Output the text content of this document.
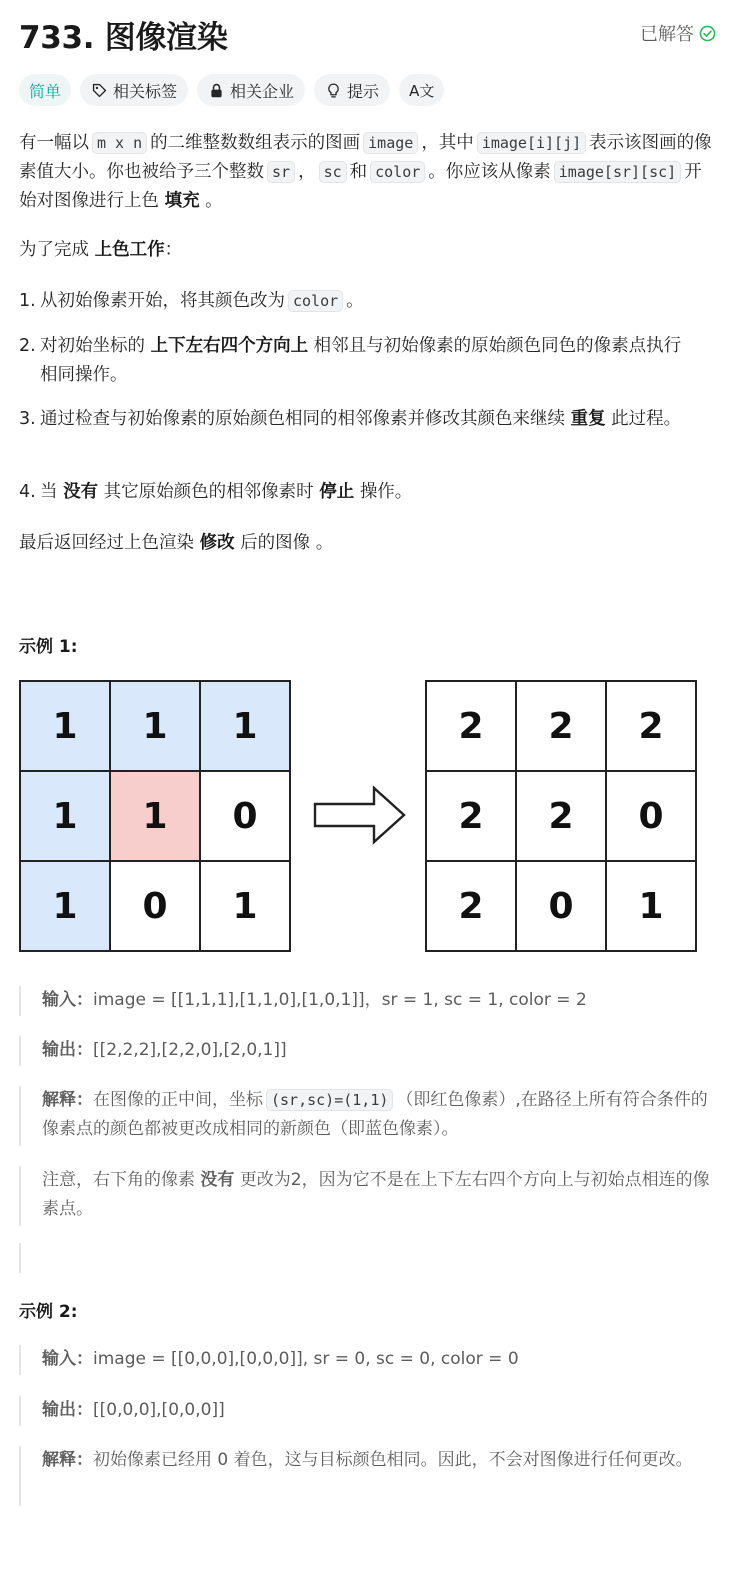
733. 图像渲染	已解答
简单	相关标签	相关企业	提示 A文
有一幅以 m x n 的二维整数数组表示的图画 image ，其中 image[i][j] 表示该图画的像素值大小。你也被给予三个整数 sr ， sc 和 color 。你应该从像素 image[sr][sc] 开始对图像进行上色 填充 。
为了完成 上色工作：
1. 从初始像素开始，将其颜色改为 color 。
2. 对初始坐标的 上下左右四个方向上 相邻且与初始像素的原始颜色同色的像素点执行相同操作。
3. 通过检查与初始像素的原始颜色相同的相邻像素并修改其颜色来继续 重复 此过程。
4. 当 没有 其它原始颜色的相邻像素时 停止 操作。
最后返回经过上色渲染 修改 后的图像 。
示例 1:
1	1	1
1	1	0
1	0	1
2	2	2
2	2	0
2	0	1
输入：image = [[1,1,1],[1,1,0],[1,0,1]]，sr = 1, sc = 1, color = 2
输出：[[2,2,2],[2,2,0],[2,0,1]]
解释：在图像的正中间，坐标 (sr,sc)=(1,1) （即红色像素）,在路径上所有符合条件的像素点的颜色都被更改成相同的新颜色（即蓝色像素）。
注意，右下角的像素 没有 更改为2，因为它不是在上下左右四个方向上与初始点相连的像素点。
示例 2:
输入：image = [[0,0,0],[0,0,0]], sr = 0, sc = 0, color = 0
输出：[[0,0,0],[0,0,0]]
解释：初始像素已经用 0 着色，这与目标颜色相同。因此，不会对图像进行任何更改。
